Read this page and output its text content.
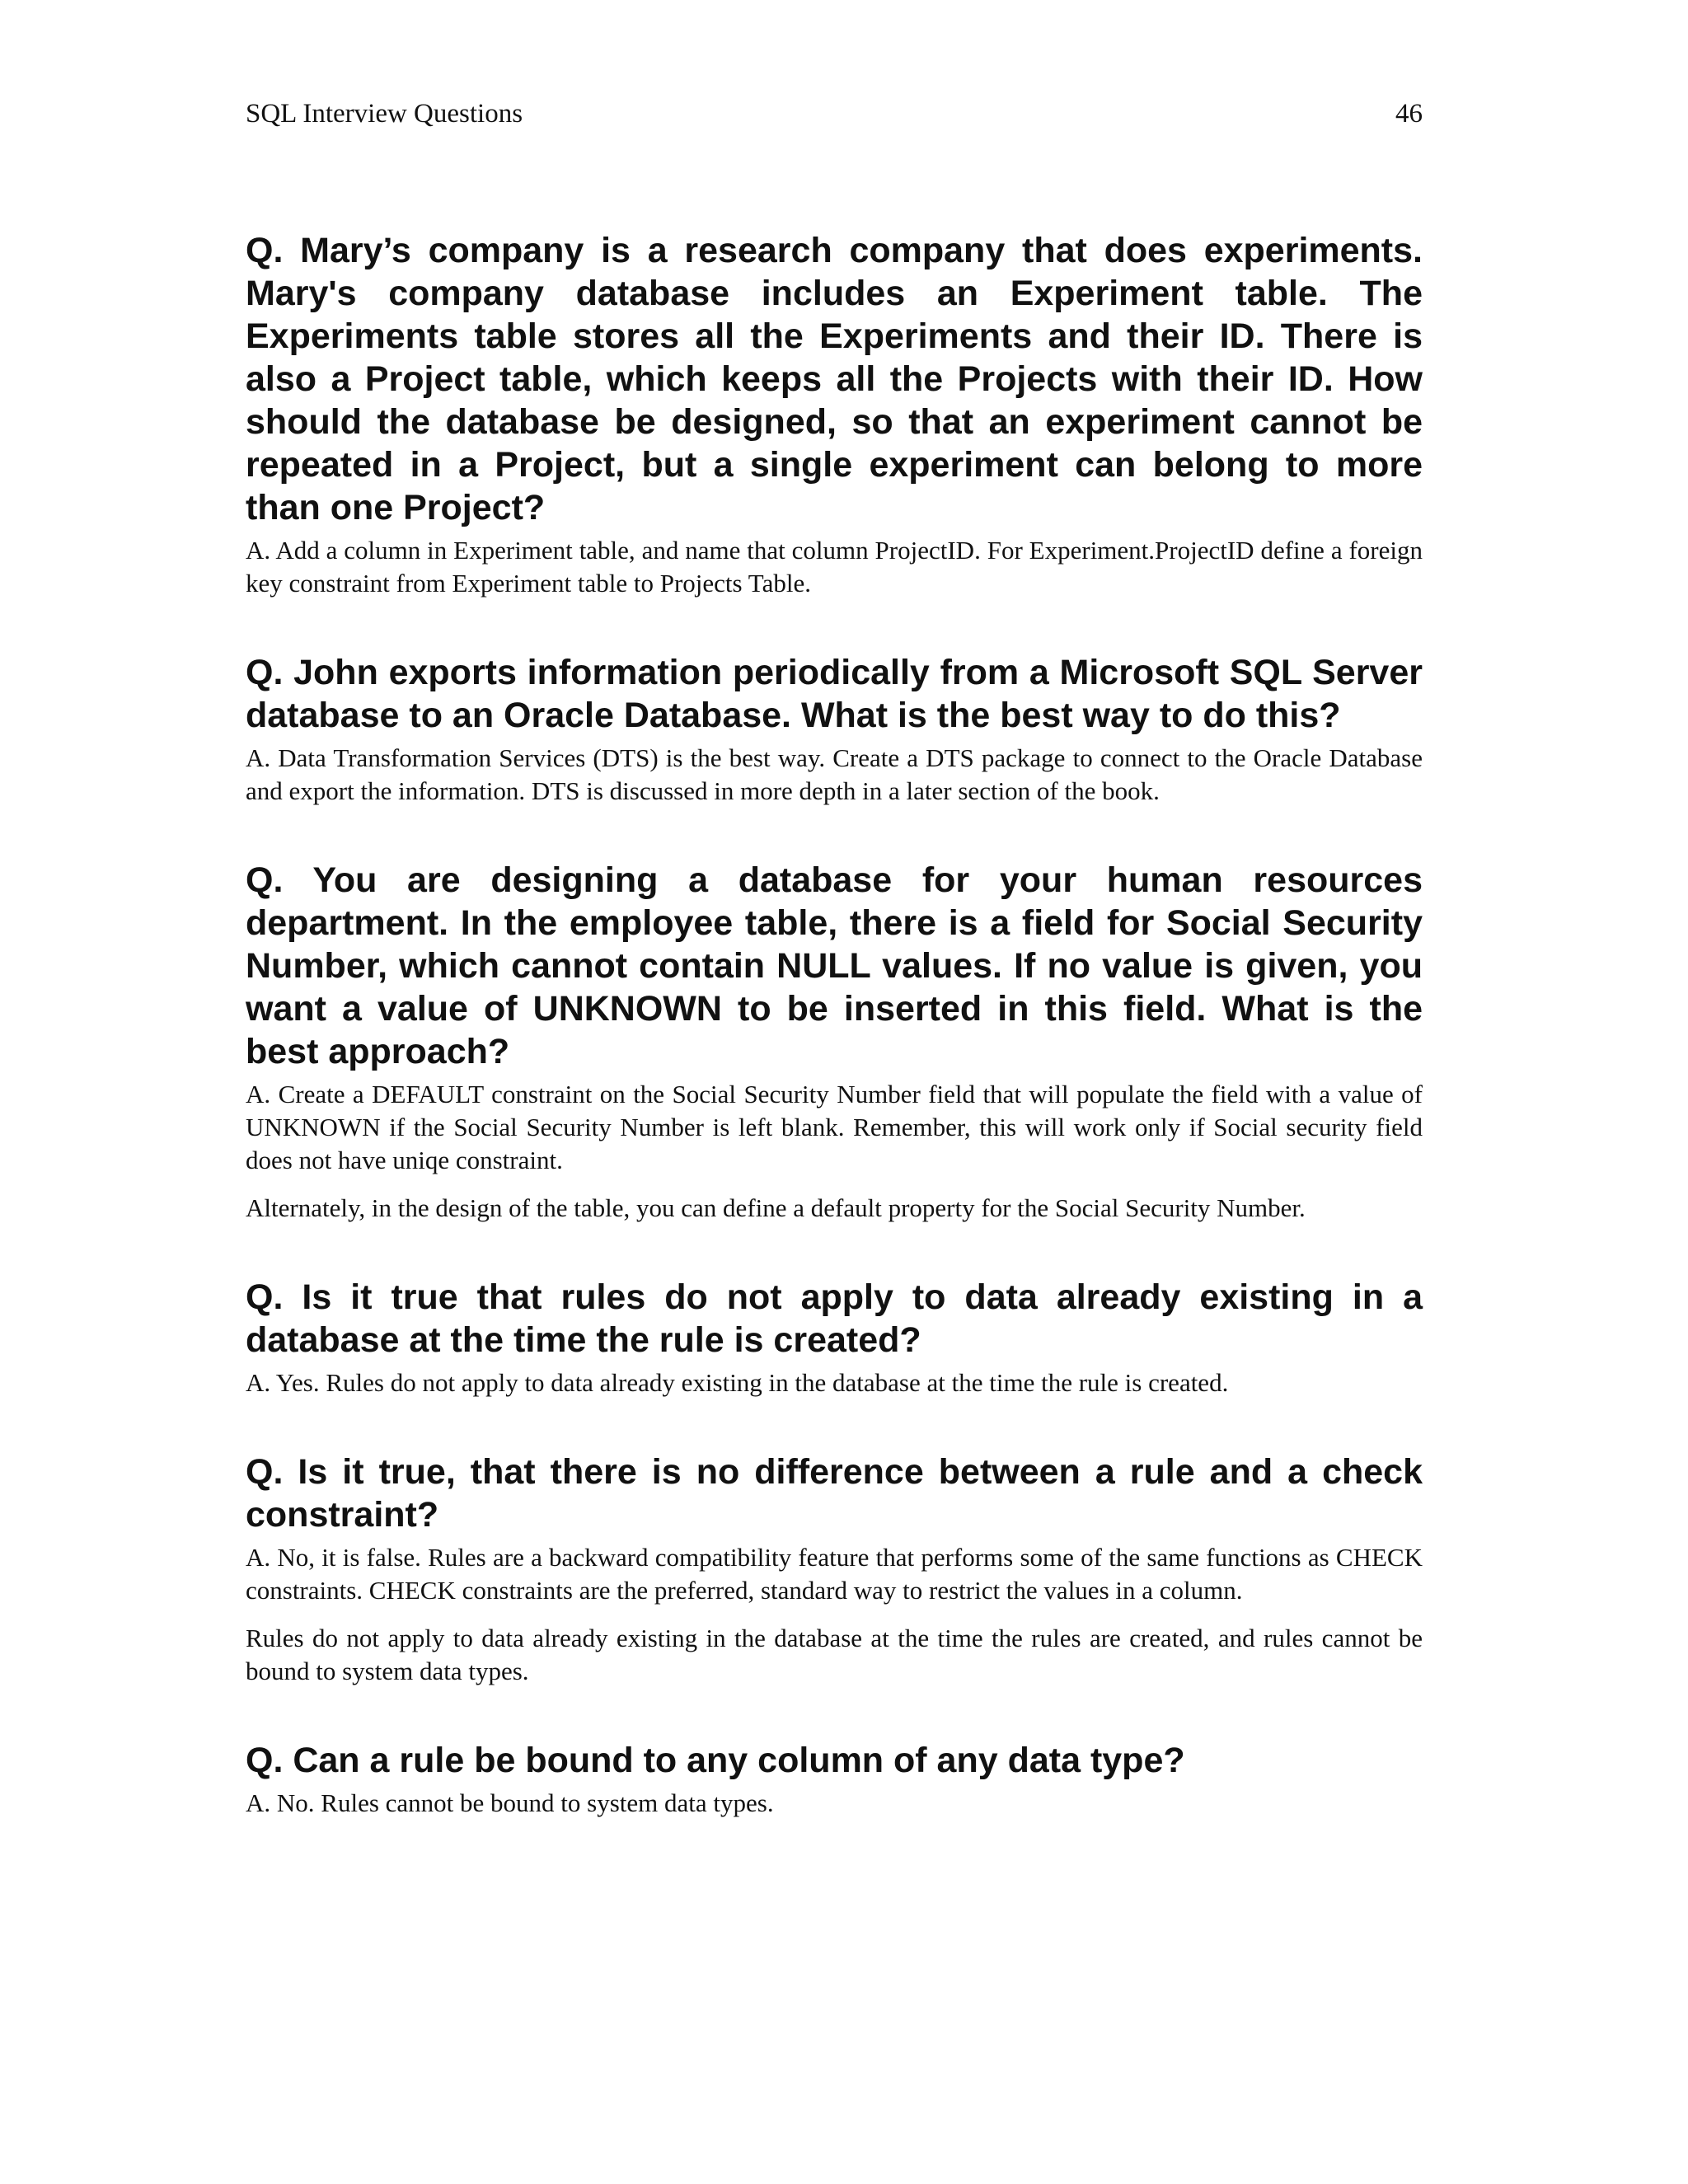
SQL Interview Questions	46

Q. Mary’s company is a research company that does experiments. Mary's company database includes an Experiment table. The Experiments table stores all the Experiments and their ID. There is also a Project table, which keeps all the Projects with their ID. How should the database be designed, so that an experiment cannot be repeated in a Project, but a single experiment can belong to more than one Project?

A. Add a column in Experiment table, and name that column ProjectID. For Experiment.ProjectID define a foreign key constraint from Experiment table to Projects Table.

Q. John exports information periodically from a Microsoft SQL Server database to an Oracle Database. What is the best way to do this?

A. Data Transformation Services (DTS) is the best way. Create a DTS package to connect to the Oracle Database and export the information. DTS is discussed in more depth in a later section of the book.

Q. You are designing a database for your human resources department. In the employee table, there is a field for Social Security Number, which cannot contain NULL values. If no value is given, you want a value of UNKNOWN to be inserted in this field. What is the best approach?

A. Create a DEFAULT constraint on the Social Security Number field that will populate the field with a value of UNKNOWN if the Social Security Number is left blank. Remember, this will work only if Social security field does not have uniqe constraint.

Alternately, in the design of the table, you can define a default property for the Social Security Number.

Q. Is it true that rules do not apply to data already existing in a database at the time the rule is created?

A. Yes. Rules do not apply to data already existing in the database at the time the rule is created.

Q. Is it true, that there is no difference between a rule and a check constraint?

A. No, it is false. Rules are a backward compatibility feature that performs some of the same functions as CHECK constraints. CHECK constraints are the preferred, standard way to restrict the values in a column.

Rules do not apply to data already existing in the database at the time the rules are created, and rules cannot be bound to system data types.

Q. Can a rule be bound to any column of any data type?

A. No. Rules cannot be bound to system data types.
